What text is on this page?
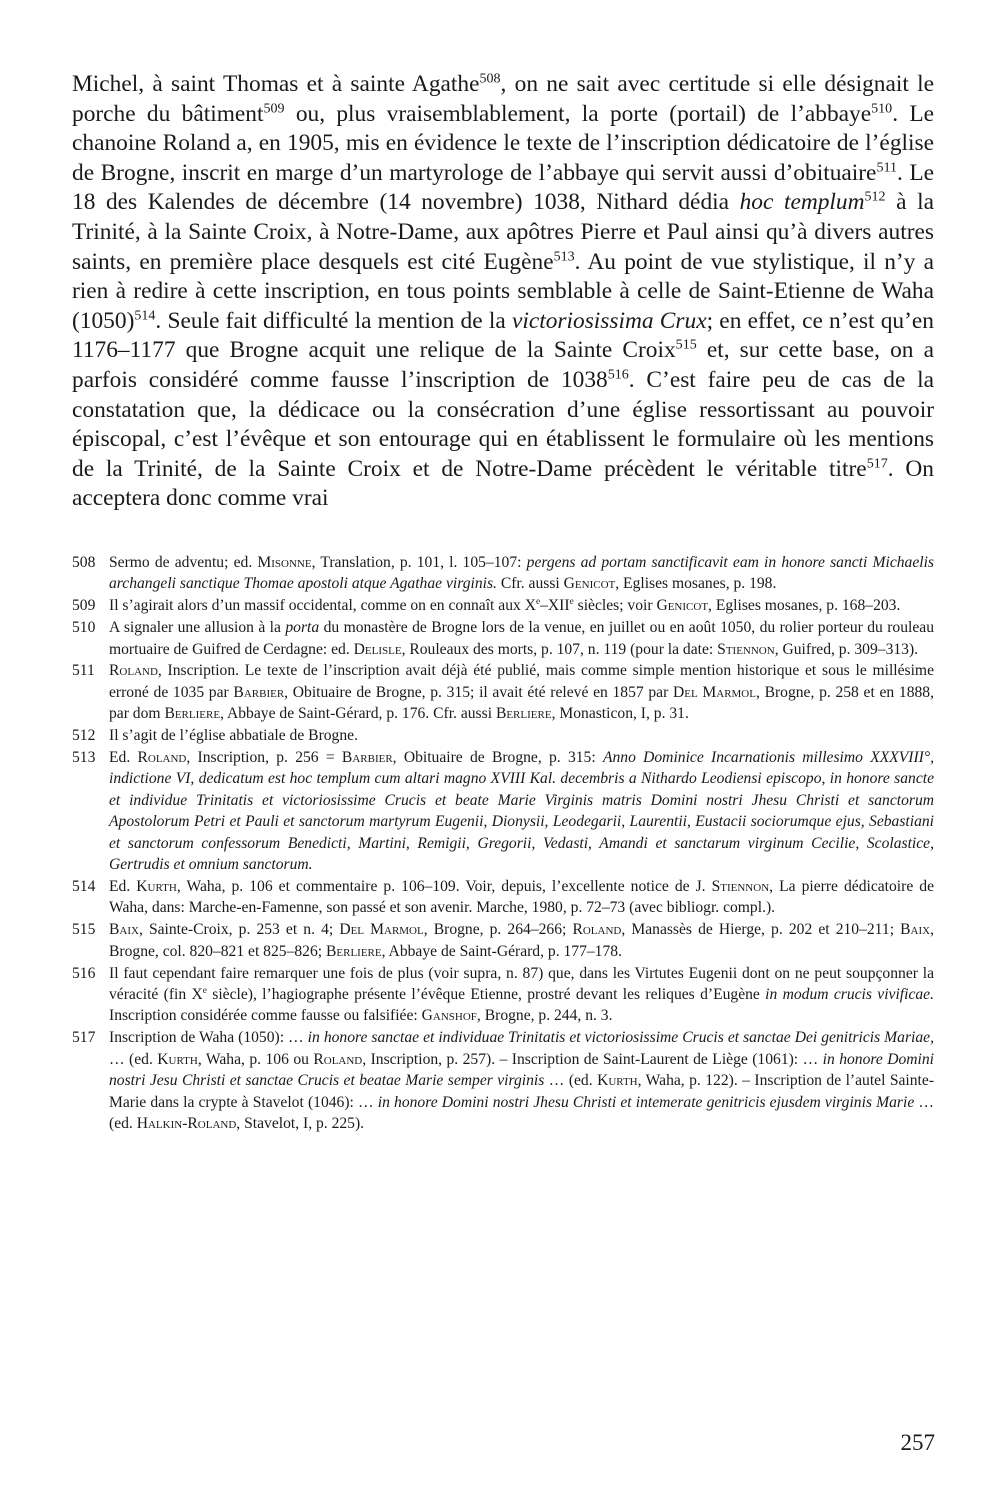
Michel, à saint Thomas et à sainte Agathe$^{508}$, on ne sait avec certitude si elle désignait le porche du bâtiment$^{509}$ ou, plus vraisemblablement, la porte (portail) de l’abbaye$^{510}$. Le chanoine Roland a, en 1905, mis en évidence le texte de l’inscription dédicatoire de l’église de Brogne, inscrit en marge d’un martyrologe de l’abbaye qui servit aussi d’obituaire$^{511}$. Le 18 des Kalendes de décembre (14 novembre) 1038, Nithard dédia hoc templum$^{512}$ à la Trinité, à la Sainte Croix, à Notre-Dame, aux apôtres Pierre et Paul ainsi qu’à divers autres saints, en première place desquels est cité Eugène$^{513}$. Au point de vue stylistique, il n’y a rien à redire à cette inscription, en tous points semblable à celle de Saint-Etienne de Waha $(1050)^{514}$. Seule fait difficulté la mention de la victoriosissima Crux; en effet, ce n’est qu’en 1176–1177 que Brogne acquit une relique de la Sainte Croix$^{515}$ et, sur cette base, on a parfois considéré comme fausse l’inscription de 1038$^{516}$. C’est faire peu de cas de la constatation que, la dédicace ou la consécration d’une église ressortissant au pouvoir épiscopal, c’est l’évêque et son entourage qui en établissent le formulaire où les mentions de la Trinité, de la Sainte Croix et de Notre-Dame précèdent le véritable titre$^{517}$. On acceptera donc comme vrai

508 Sermo de adventu; ed. Misonne, Translation, p. 101, l. 105–107: pergens ad portam sanctificavit eam in honore sancti Michaelis archangeli sanctique Thomae apostoli atque Agathae virginis. Cfr. aussi Genicot, Eglises mosanes, p. 198.
509 Il s’agirait alors d’un massif occidental, comme on en connaît aux Xe–XIIe siècles; voir Genicot, Eglises mosanes, p. 168–203.
510 A signaler une allusion à la porta du monastère de Brogne lors de la venue, en juillet ou en août 1050, du rolier porteur du rouleau mortuaire de Guifred de Cerdagne: ed. Delisle, Rouleaux des morts, p. 107, n. 119 (pour la date: Stiennon, Guifred, p. 309–313).
511 Roland, Inscription. Le texte de l’inscription avait déjà été publié, mais comme simple mention historique et sous le millésime erroné de 1035 par Barbier, Obituaire de Brogne, p. 315; il avait été relevé en 1857 par Del Marmol, Brogne, p. 258 et en 1888, par dom Berliere, Abbaye de Saint-Gérard, p. 176. Cfr. aussi Berliere, Monasticon, I, p. 31.
512 Il s’agit de l’église abbatiale de Brogne.
513 Ed. Roland, Inscription, p. 256 = Barbier, Obituaire de Brogne, p. 315: Anno Dominice Incarnationis millesimo XXXVIII°, indictione VI, dedicatum est hoc templum cum altari magno XVIII Kal. decembris a Nithardo Leodiensi episcopo, in honore sancte et individue Trinitatis et victoriosissime Crucis et beate Marie Virginis matris Domini nostri Jhesu Christi et sanctorum Apostolorum Petri et Pauli et sanctorum martyrum Eugenii, Dionysii, Leodegarii, Laurentii, Eustacii sociorumque ejus, Sebastiani et sanctorum confessorum Benedicti, Martini, Remigii, Gregorii, Vedasti, Amandi et sanctarum virginum Cecilie, Scolastice, Gertrudis et omnium sanctorum.
514 Ed. Kurth, Waha, p. 106 et commentaire p. 106–109. Voir, depuis, l’excellente notice de J. Stiennon, La pierre dédicatoire de Waha, dans: Marche-en-Famenne, son passé et son avenir. Marche, 1980, p. 72–73 (avec bibliogr. compl.).
515 Baix, Sainte-Croix, p. 253 et n. 4; Del Marmol, Brogne, p. 264–266; Roland, Manassès de Hierge, p. 202 et 210–211; Baix, Brogne, col. 820–821 et 825–826; Berliere, Abbaye de Saint-Gérard, p. 177–178.
516 Il faut cependant faire remarquer une fois de plus (voir supra, n. 87) que, dans les Virtutes Eugenii dont on ne peut soupçonner la véracité (fin Xe siècle), l’hagiographe présente l’évêque Etienne, prostré devant les reliques d’Eugène in modum crucis vivificae. Inscription considérée comme fausse ou falsifiée: Ganshof, Brogne, p. 244, n. 3.
517 Inscription de Waha (1050): … in honore sanctae et individuae Trinitatis et victoriosissime Crucis et sanctae Dei genitricis Mariae, … (ed. Kurth, Waha, p. 106 ou Roland, Inscription, p. 257). – Inscription de Saint-Laurent de Liège (1061): … in honore Domini nostri Jesu Christi et sanctae Crucis et beatae Marie semper virginis … (ed. Kurth, Waha, p. 122). – Inscription de l’autel Sainte-Marie dans la crypte à Stavelot (1046): … in honore Domini nostri Jhesu Christi et intemerate genitricis ejusdem virginis Marie … (ed. Halkin-Roland, Stavelot, I, p. 225).
257
